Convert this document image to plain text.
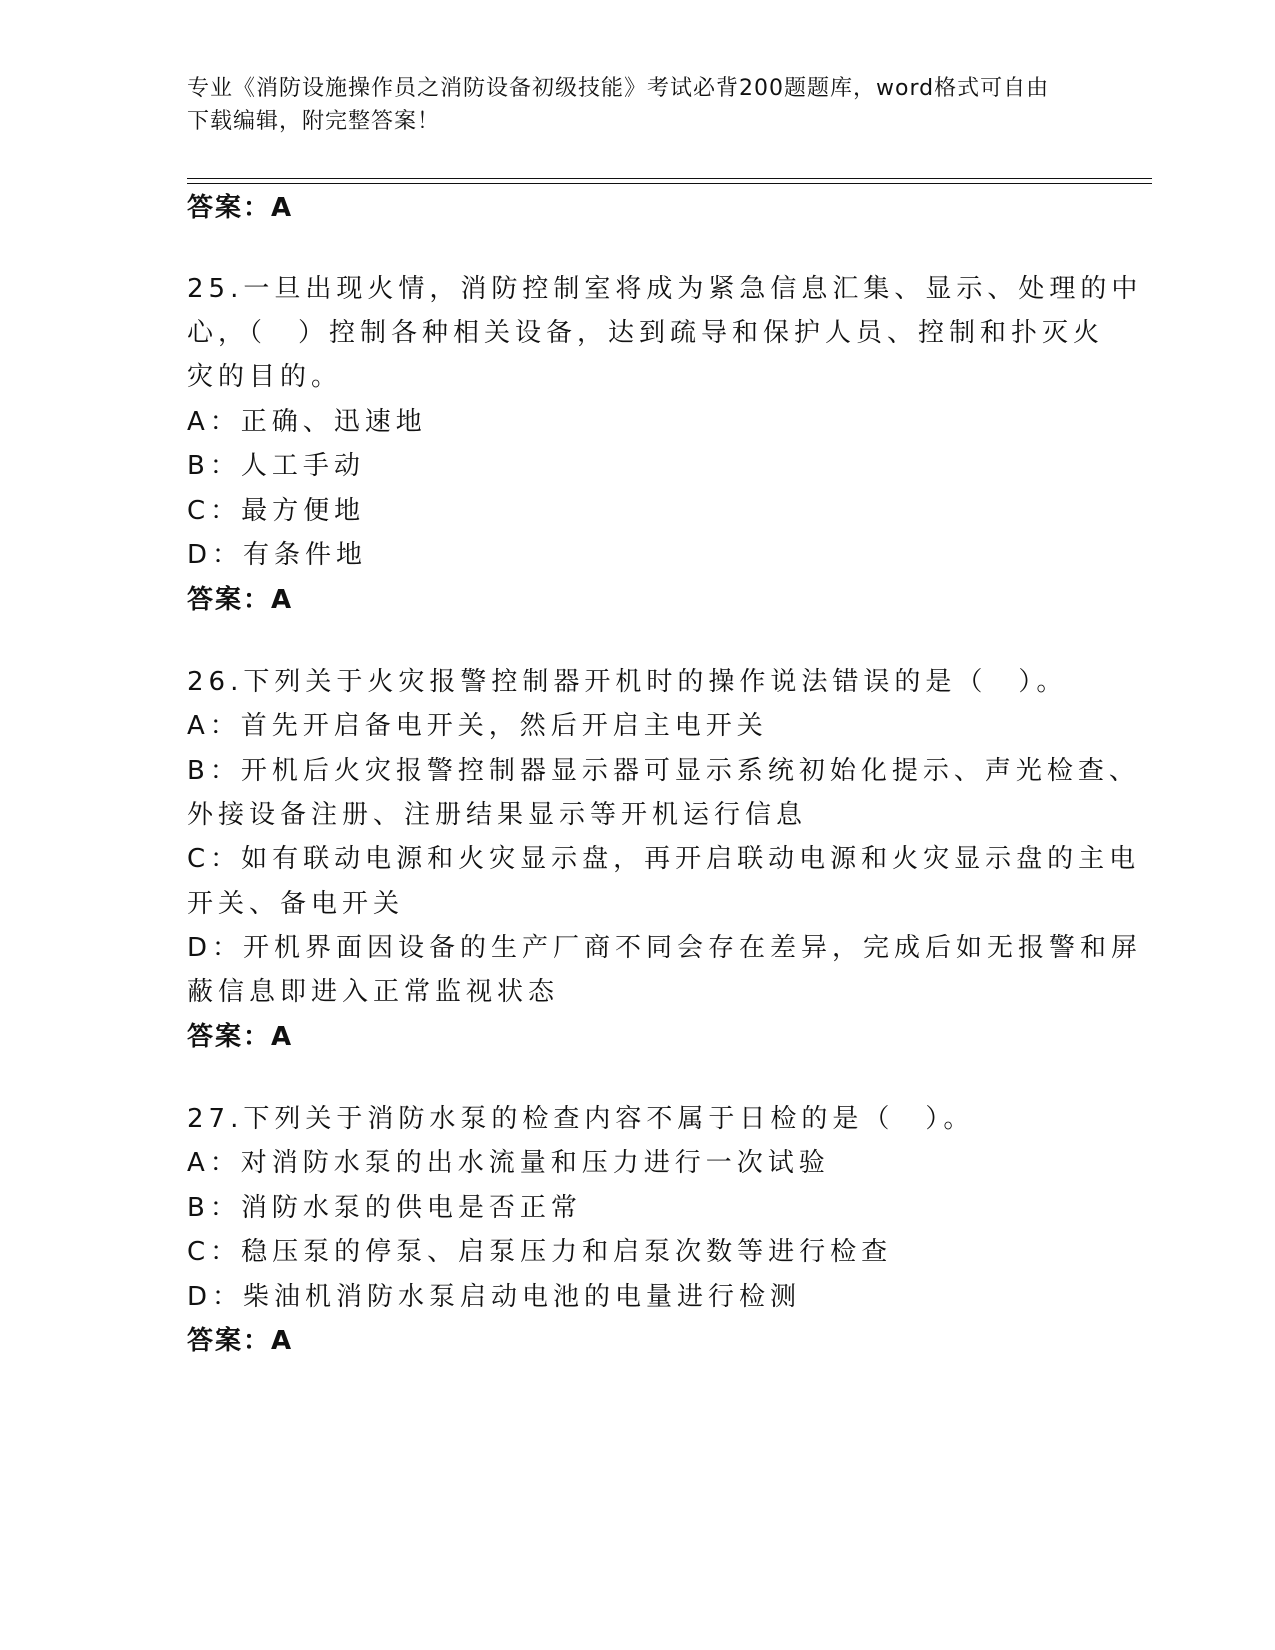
专业《消防设施操作员之消防设备初级技能》考试必背200题题库，word格式可自由下载编辑，附完整答案！
答案：A
25.一旦出现火情，消防控制室将成为紧急信息汇集、显示、处理的中
心，（　）控制各种相关设备，达到疏导和保护人员、控制和扑灭火
灾的目的。
A：正确、迅速地
B：人工手动
C：最方便地
D：有条件地
答案：A
26.下列关于火灾报警控制器开机时的操作说法错误的是（　）。
A：首先开启备电开关，然后开启主电开关
B：开机后火灾报警控制器显示器可显示系统初始化提示、声光检查、
外接设备注册、注册结果显示等开机运行信息
C：如有联动电源和火灾显示盘，再开启联动电源和火灾显示盘的主电
开关、备电开关
D：开机界面因设备的生产厂商不同会存在差异，完成后如无报警和屏
蔽信息即进入正常监视状态
答案：A
27.下列关于消防水泵的检查内容不属于日检的是（　）。
A：对消防水泵的出水流量和压力进行一次试验
B：消防水泵的供电是否正常
C：稳压泵的停泵、启泵压力和启泵次数等进行检查
D：柴油机消防水泵启动电池的电量进行检测
答案：A
